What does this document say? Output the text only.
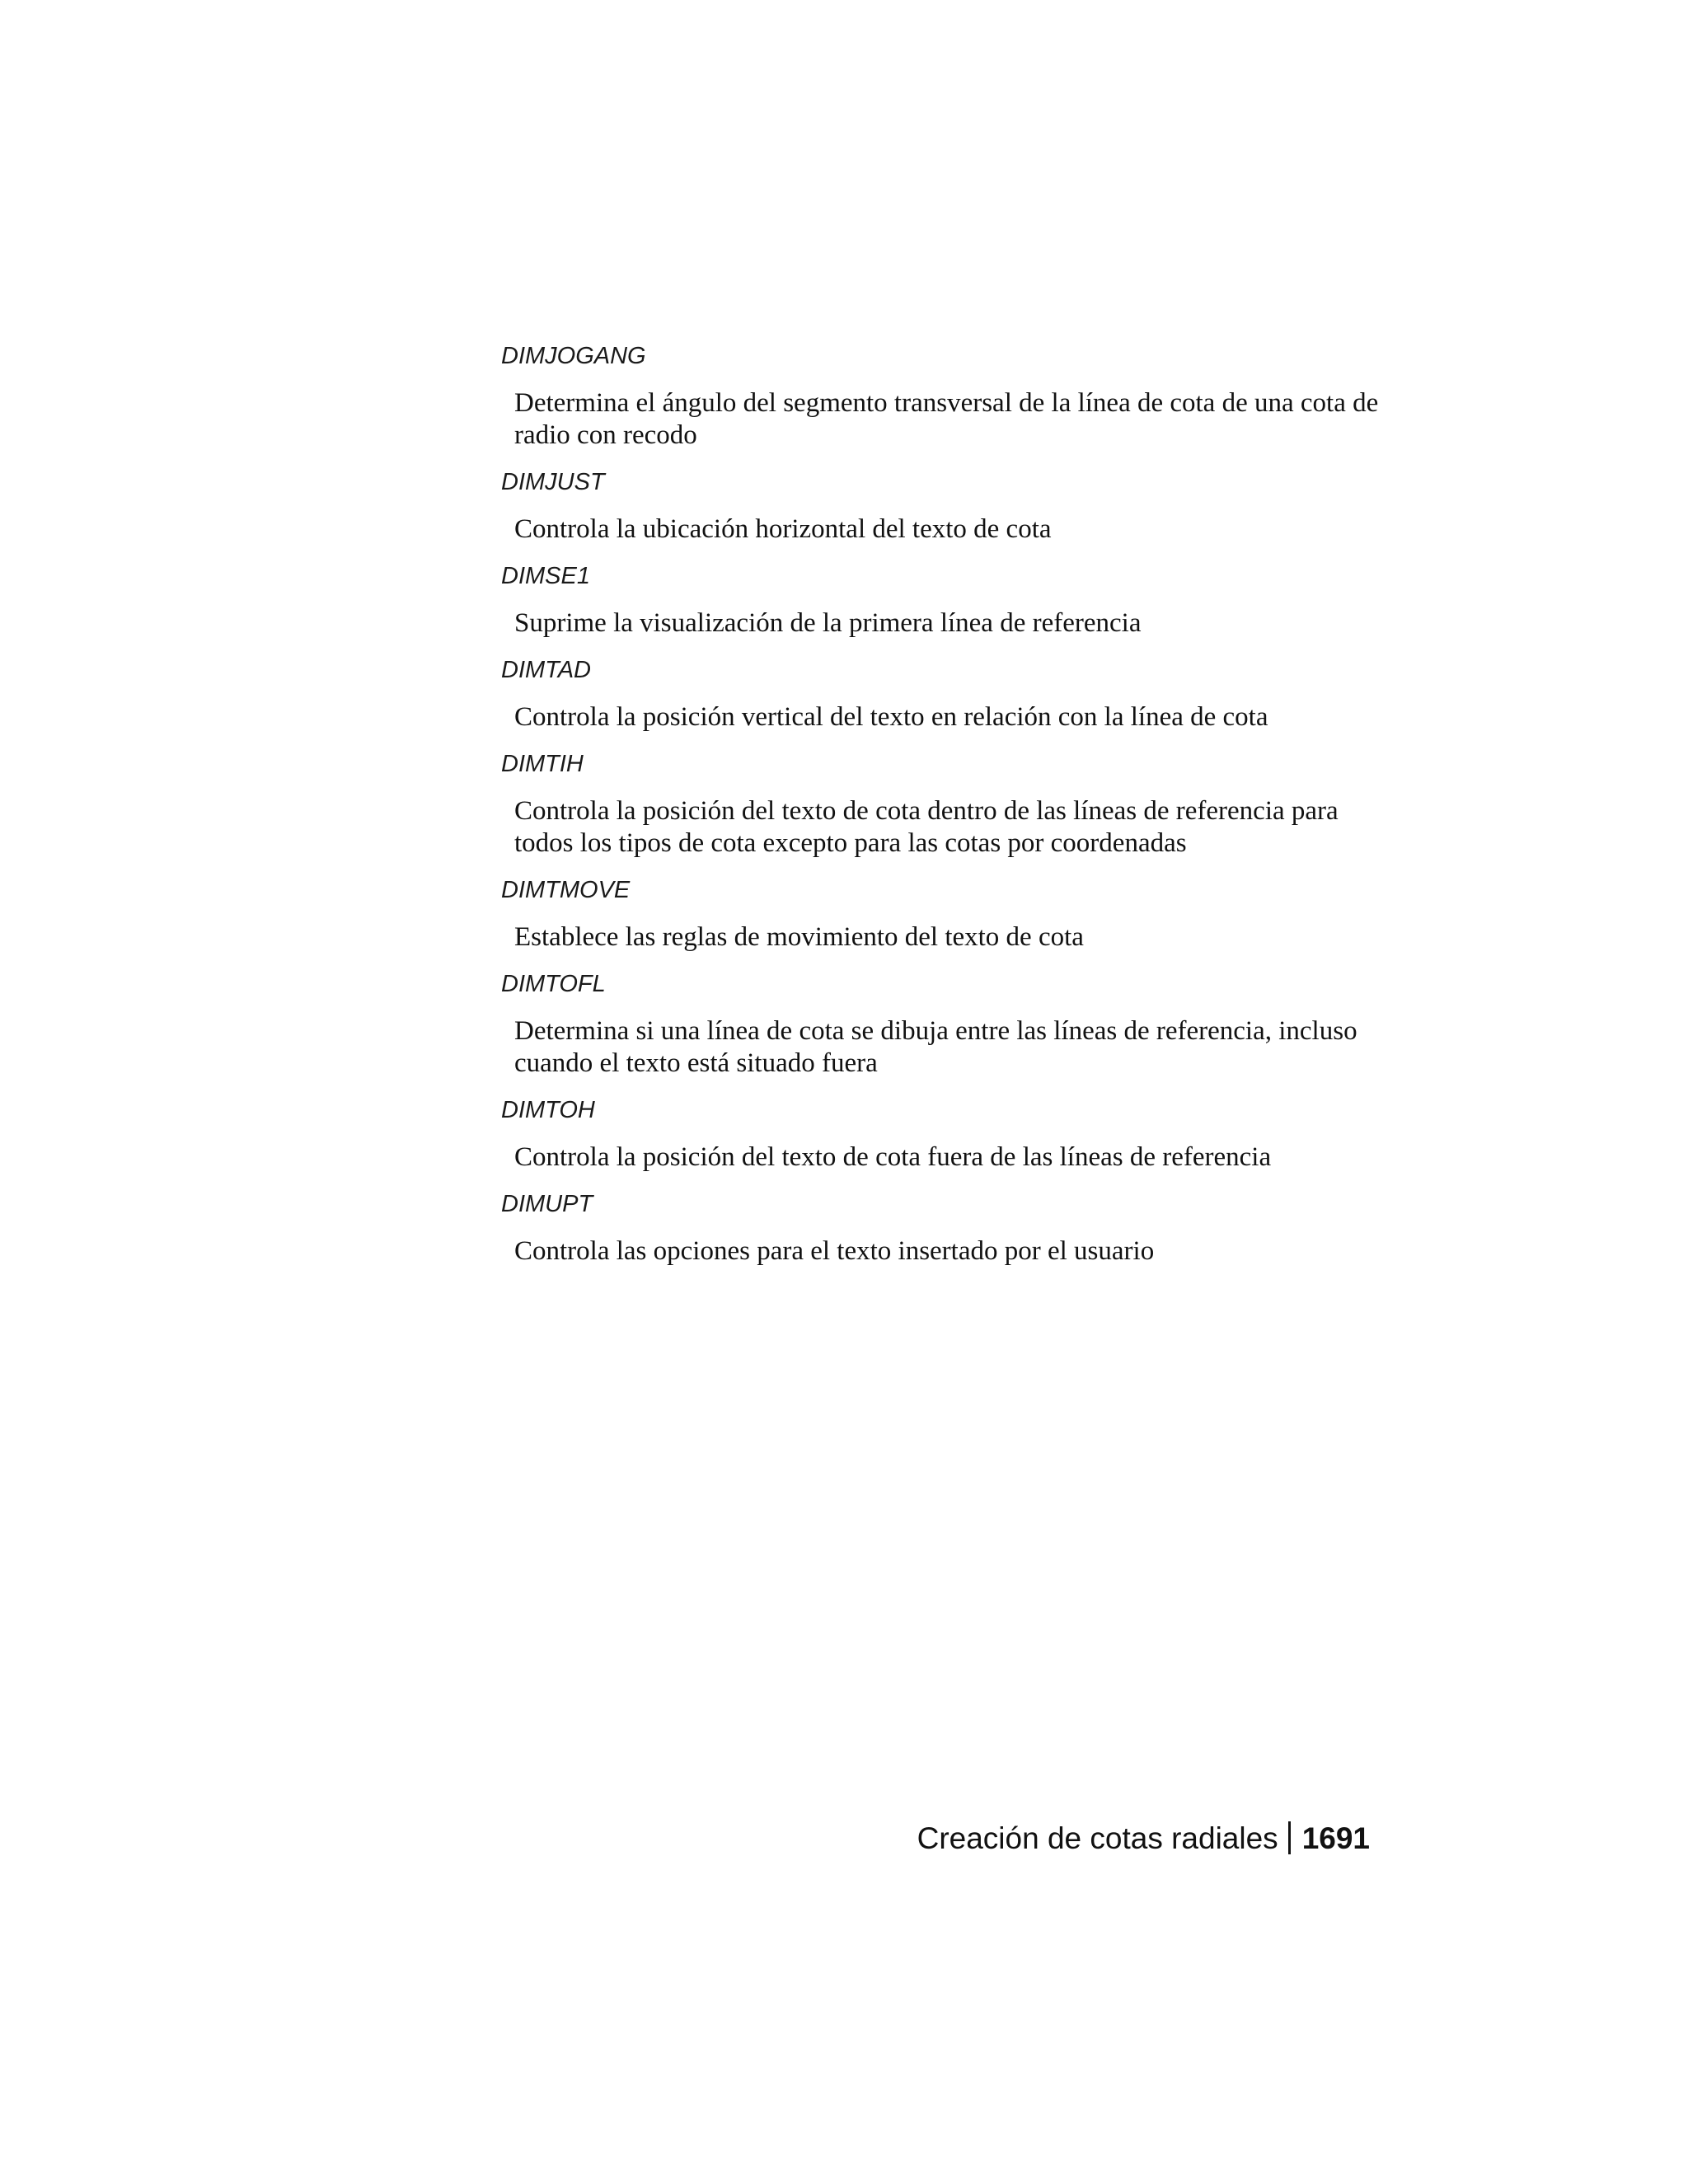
DIMJOGANG

Determina el ángulo del segmento transversal de la línea de cota de una cota de radio con recodo

DIMJUST

Controla la ubicación horizontal del texto de cota

DIMSE1

Suprime la visualización de la primera línea de referencia

DIMTAD

Controla la posición vertical del texto en relación con la línea de cota

DIMTIH

Controla la posición del texto de cota dentro de las líneas de referencia para todos los tipos de cota excepto para las cotas por coordenadas

DIMTMOVE

Establece las reglas de movimiento del texto de cota

DIMTOFL

Determina si una línea de cota se dibuja entre las líneas de referencia, incluso cuando el texto está situado fuera

DIMTOH

Controla la posición del texto de cota fuera de las líneas de referencia

DIMUPT

Controla las opciones para el texto insertado por el usuario

Creación de cotas radiales 1691
